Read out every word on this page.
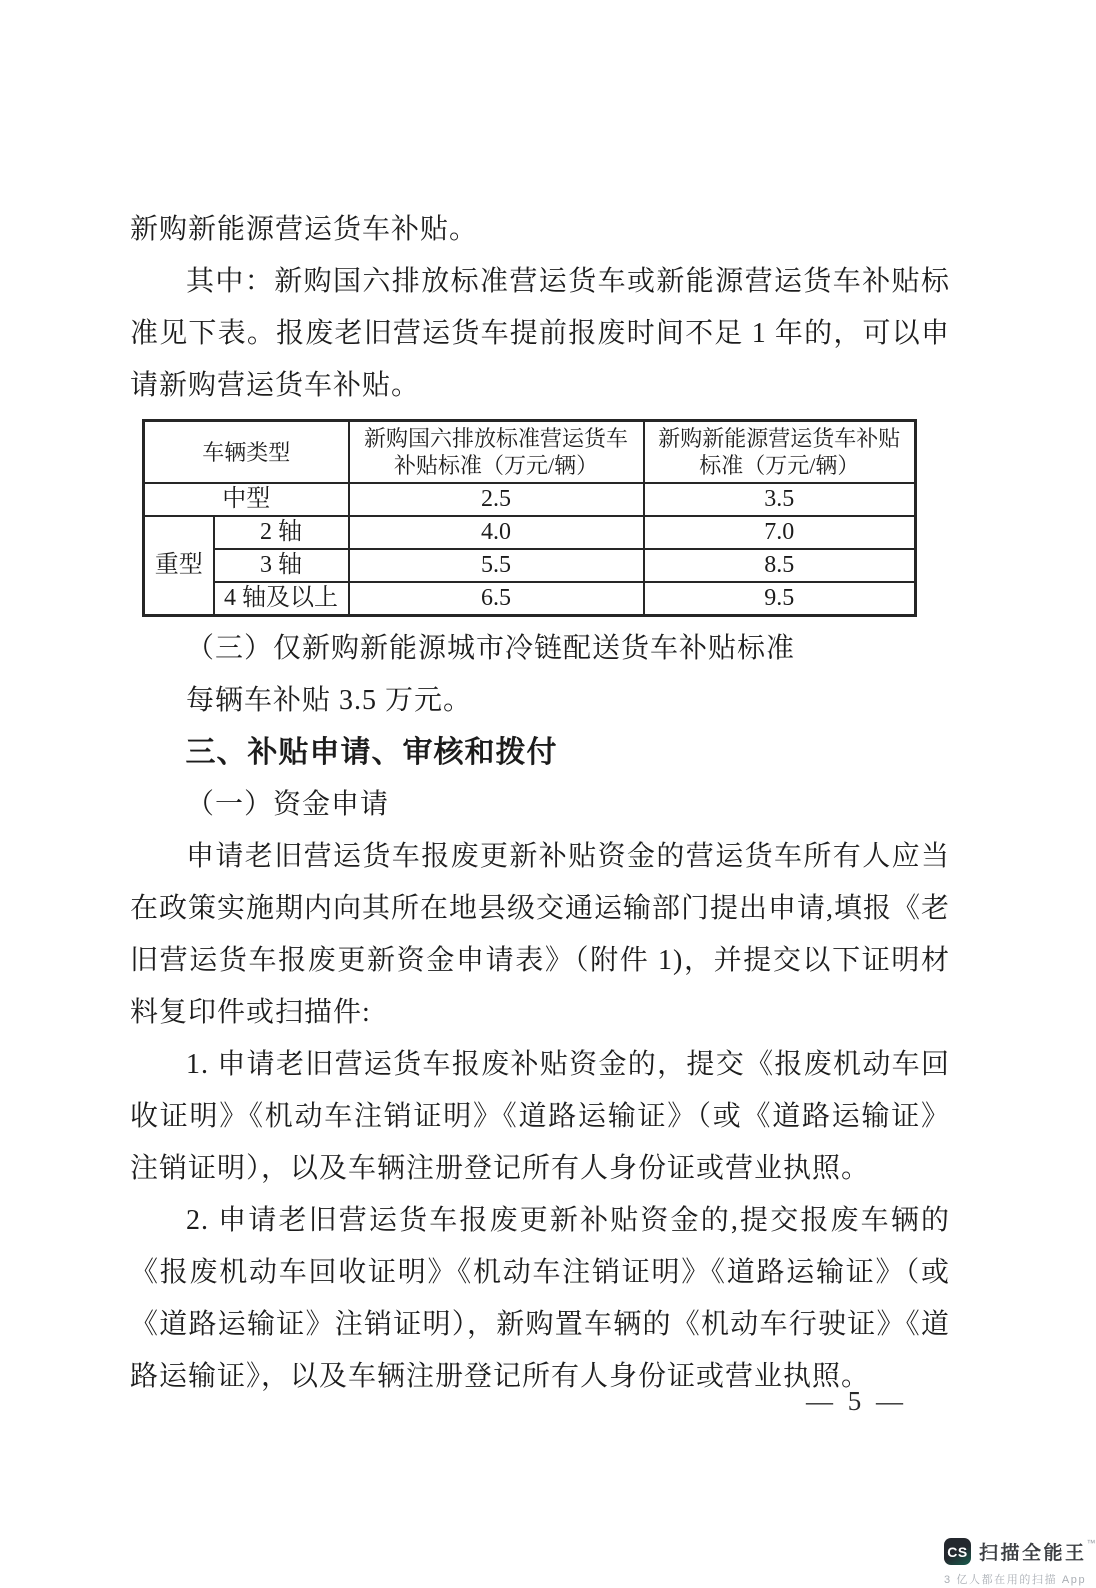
新购新能源营运货车补贴。

其中：新购国六排放标准营运货车或新能源营运货车补贴标准见下表。报废老旧营运货车提前报废时间不足 1 年的，可以申请新购营运货车补贴。

车辆类型		新购国六排放标准营运货车补贴标准（万元/辆）	新购新能源营运货车补贴标准（万元/辆）
中型		2.5	3.5
重型	2 轴	4.0	7.0
	3 轴	5.5	8.5
	4 轴及以上	6.5	9.5

（三）仅新购新能源城市冷链配送货车补贴标准

每辆车补贴 3.5 万元。

三、补贴申请、审核和拨付

（一）资金申请

申请老旧营运货车报废更新补贴资金的营运货车所有人应当在政策实施期内向其所在地县级交通运输部门提出申请,填报《老旧营运货车报废更新资金申请表》（附件 1)，并提交以下证明材料复印件或扫描件:

1. 申请老旧营运货车报废补贴资金的，提交《报废机动车回收证明》《机动车注销证明》《道路运输证》（或《道路运输证》注销证明），以及车辆注册登记所有人身份证或营业执照。

2. 申请老旧营运货车报废更新补贴资金的,提交报废车辆的《报废机动车回收证明》《机动车注销证明》《道路运输证》（或《道路运输证》注销证明），新购置车辆的《机动车行驶证》《道路运输证》，以及车辆注册登记所有人身份证或营业执照。

— 5 —
CS 扫描全能王™
3 亿人都在用的扫描 App
